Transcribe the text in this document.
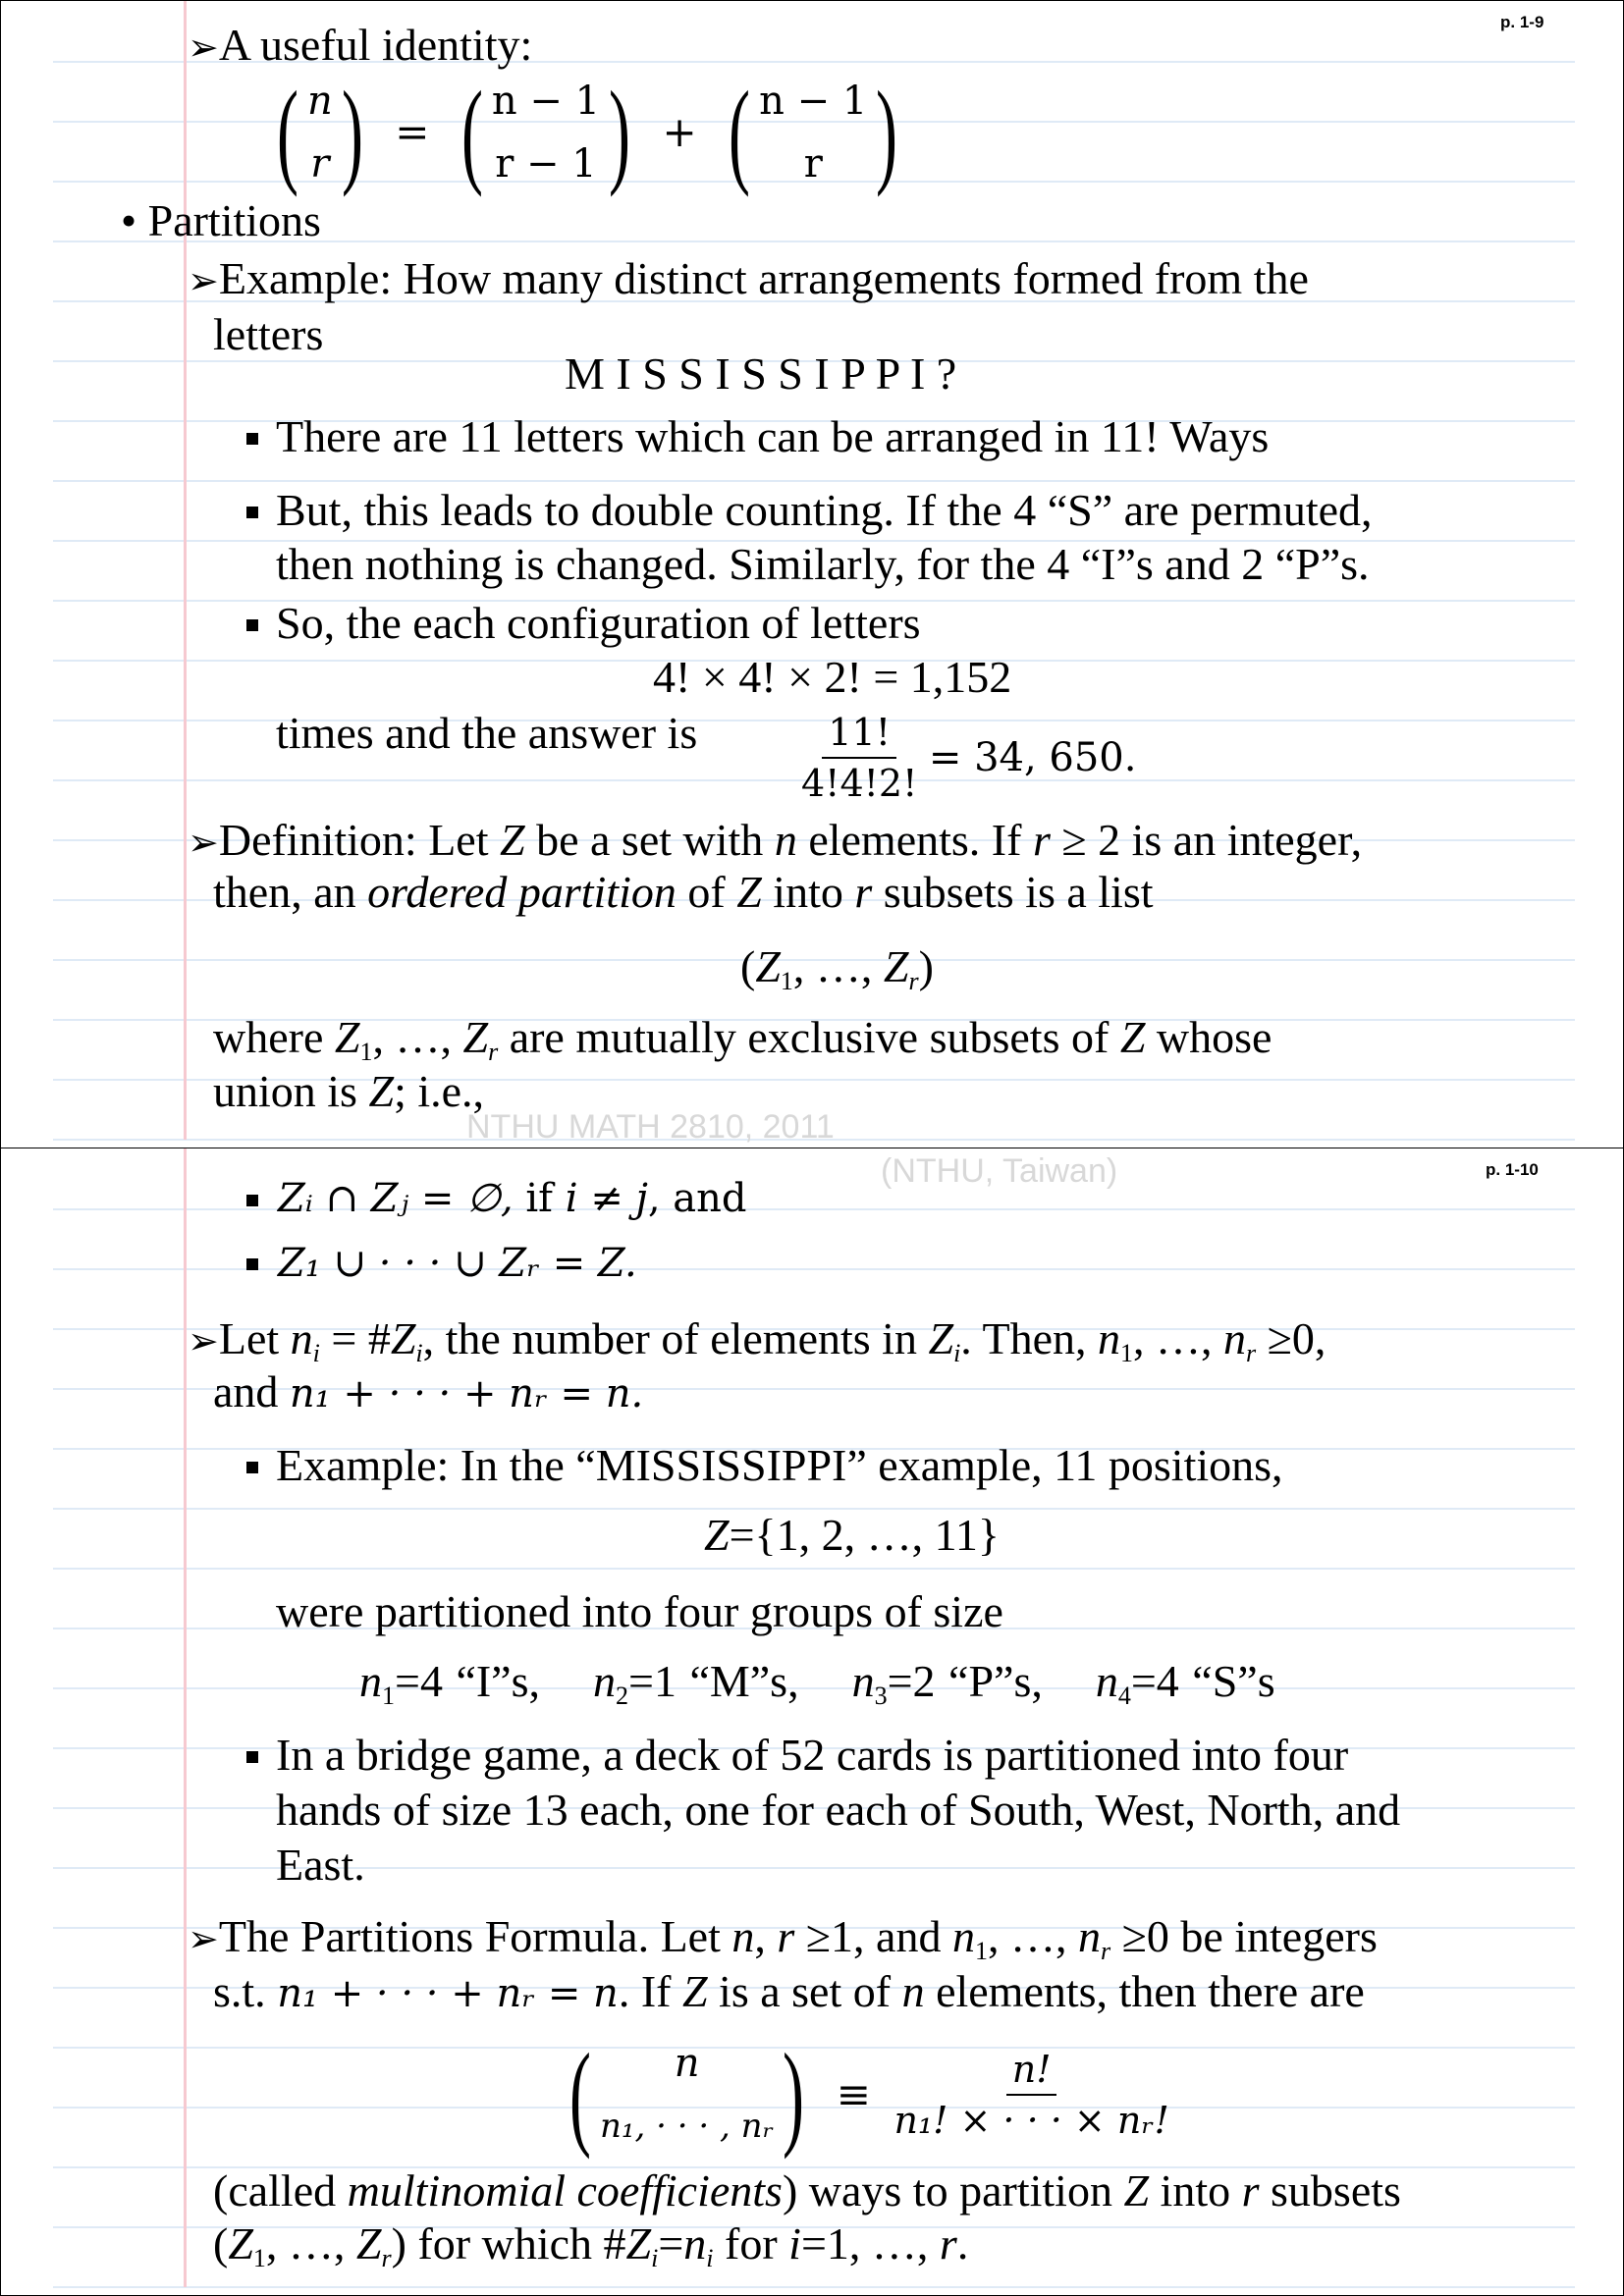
p. 1-9
➢A useful identity:
( n
r ) = ( n − 1
r − 1 ) + ( n − 1
r )
• Partitions
➢Example: How many distinct arrangements formed from the
letters
M I S S I S S I P P I ?
There are 11 letters which can be arranged in 11! Ways
But, this leads to double counting. If the 4 “S” are permuted,
then nothing is changed. Similarly, for the 4 “I”s and 2 “P”s.
So, the each configuration of letters
4! × 4! × 2! = 1,152
times and the answer is	$\frac{11!}{4!4!2!} = 34$, 650.
➢Definition: Let Z be a set with n elements. If r ≥ 2 is an integer,
then, an ordered partition of Z into r subsets is a list
($Z_1$, …, $Z_r$)
where $Z_1$, …, $Z_r$ are mutually exclusive subsets of Z whose
union is Z; i.e.,
NTHU MATH 2810, 2011
p. 1-10
(NTHU, Taiwan)
Zᵢ ∩ Zⱼ = ∅, if i ≠ j, and
Z₁ ∪ · · · ∪ Zᵣ = Z.
➢Let $n_i$ = $\#Z_i$, the number of elements in $Z_i$. Then, $n_1$, …, $n_r \ge 0$,
and n₁ + · · · + nᵣ = n.
Example: In the “MISSISSIPPI” example, 11 positions,
Z={1, 2, …, 11}
were partitioned into four groups of size
$n_1=4$ “I”s, $n_2=1$ “M”s, $n_3=2$ “P”s, $n_4=4$ “S”s
In a bridge game, a deck of 52 cards is partitioned into four
hands of size 13 each, one for each of South, West, North, and
East.
➢The Partitions Formula. Let n, r ≥1, and $n_1$, …, $n_r \ge 0$ be integers
s.t. n₁ + · · · + nᵣ = n. If Z is a set of n elements, then there are
( n
n₁, · · · , nᵣ ) ≡ $\frac{n!}{\text{n₁! × · · · × nᵣ!}}$
(called multinomial coefficients) ways to partition Z into r subsets
($Z_1$, …, $Z_r$) for which $\#Z_i=n_i$ for i=1, …, r.
